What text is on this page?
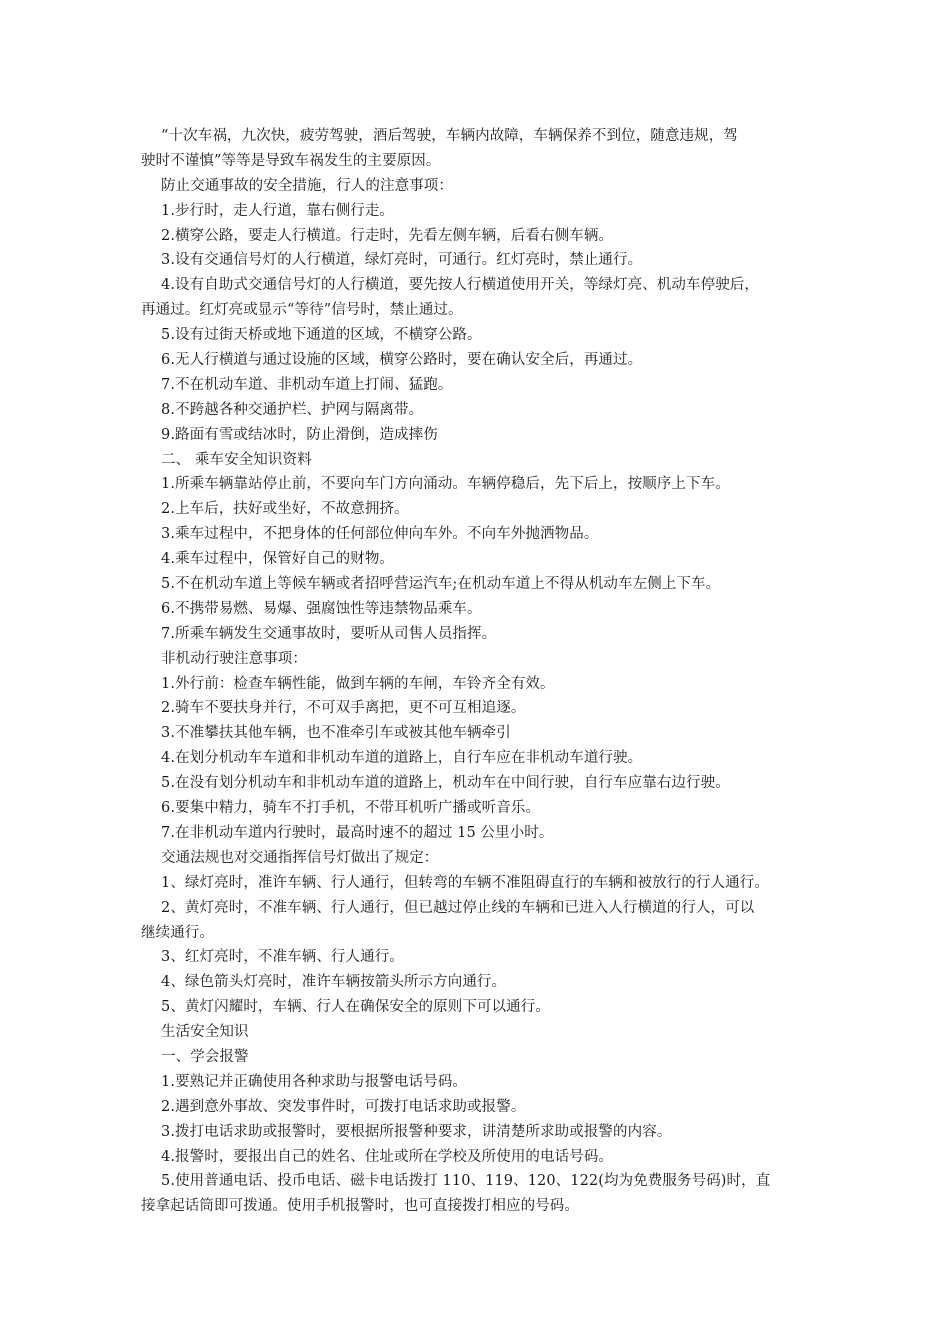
“十次车祸，九次快，疲劳驾驶，酒后驾驶，车辆内故障，车辆保养不到位，随意违规，驾
驶时不谨慎”等等是导致车祸发生的主要原因。
防止交通事故的安全措施，行人的注意事项：
1.步行时，走人行道，靠右侧行走。
2.横穿公路，要走人行横道。行走时，先看左侧车辆，后看右侧车辆。
3.设有交通信号灯的人行横道，绿灯亮时，可通行。红灯亮时，禁止通行。
4.设有自助式交通信号灯的人行横道，要先按人行横道使用开关，等绿灯亮、机动车停驶后，
再通过。红灯亮或显示“等待”信号时，禁止通过。
5.设有过街天桥或地下通道的区域，不横穿公路。
6.无人行横道与通过设施的区域，横穿公路时，要在确认安全后，再通过。
7.不在机动车道、非机动车道上打闹、猛跑。
8.不跨越各种交通护栏、护网与隔离带。
9.路面有雪或结冰时，防止滑倒，造成摔伤
二、 乘车安全知识资料
1.所乘车辆靠站停止前，不要向车门方向涌动。车辆停稳后，先下后上，按顺序上下车。
2.上车后，扶好或坐好，不故意拥挤。
3.乘车过程中，不把身体的任何部位伸向车外。不向车外抛洒物品。
4.乘车过程中，保管好自己的财物。
5.不在机动车道上等候车辆或者招呼营运汽车;在机动车道上不得从机动车左侧上下车。
6.不携带易燃、易爆、强腐蚀性等违禁物品乘车。
7.所乘车辆发生交通事故时，要听从司售人员指挥。
非机动行驶注意事项：
1.外行前：检查车辆性能，做到车辆的车闸，车铃齐全有效。
2.骑车不要扶身并行，不可双手离把，更不可互相追逐。
3.不准攀扶其他车辆，也不准牵引车或被其他车辆牵引
4.在划分机动车车道和非机动车道的道路上，自行车应在非机动车道行驶。
5.在没有划分机动车和非机动车道的道路上，机动车在中间行驶，自行车应靠右边行驶。
6.要集中精力，骑车不打手机，不带耳机听广播或听音乐。
7.在非机动车道内行驶时，最高时速不的超过 15 公里小时。
交通法规也对交通指挥信号灯做出了规定：
1、绿灯亮时，准许车辆、行人通行，但转弯的车辆不准阻碍直行的车辆和被放行的行人通行。
2、黄灯亮时，不准车辆、行人通行，但已越过停止线的车辆和已进入人行横道的行人，可以
继续通行。
3、红灯亮时，不准车辆、行人通行。
4、绿色箭头灯亮时，准许车辆按箭头所示方向通行。
5、黄灯闪耀时，车辆、行人在确保安全的原则下可以通行。
生活安全知识
一、学会报警
1.要熟记并正确使用各种求助与报警电话号码。
2.遇到意外事故、突发事件时，可拨打电话求助或报警。
3.拨打电话求助或报警时，要根据所报警种要求，讲清楚所求助或报警的内容。
4.报警时，要报出自己的姓名、住址或所在学校及所使用的电话号码。
5.使用普通电话、投币电话、磁卡电话拨打 110、119、120、122(均为免费服务号码)时，直
接拿起话筒即可拨通。使用手机报警时，也可直接拨打相应的号码。
